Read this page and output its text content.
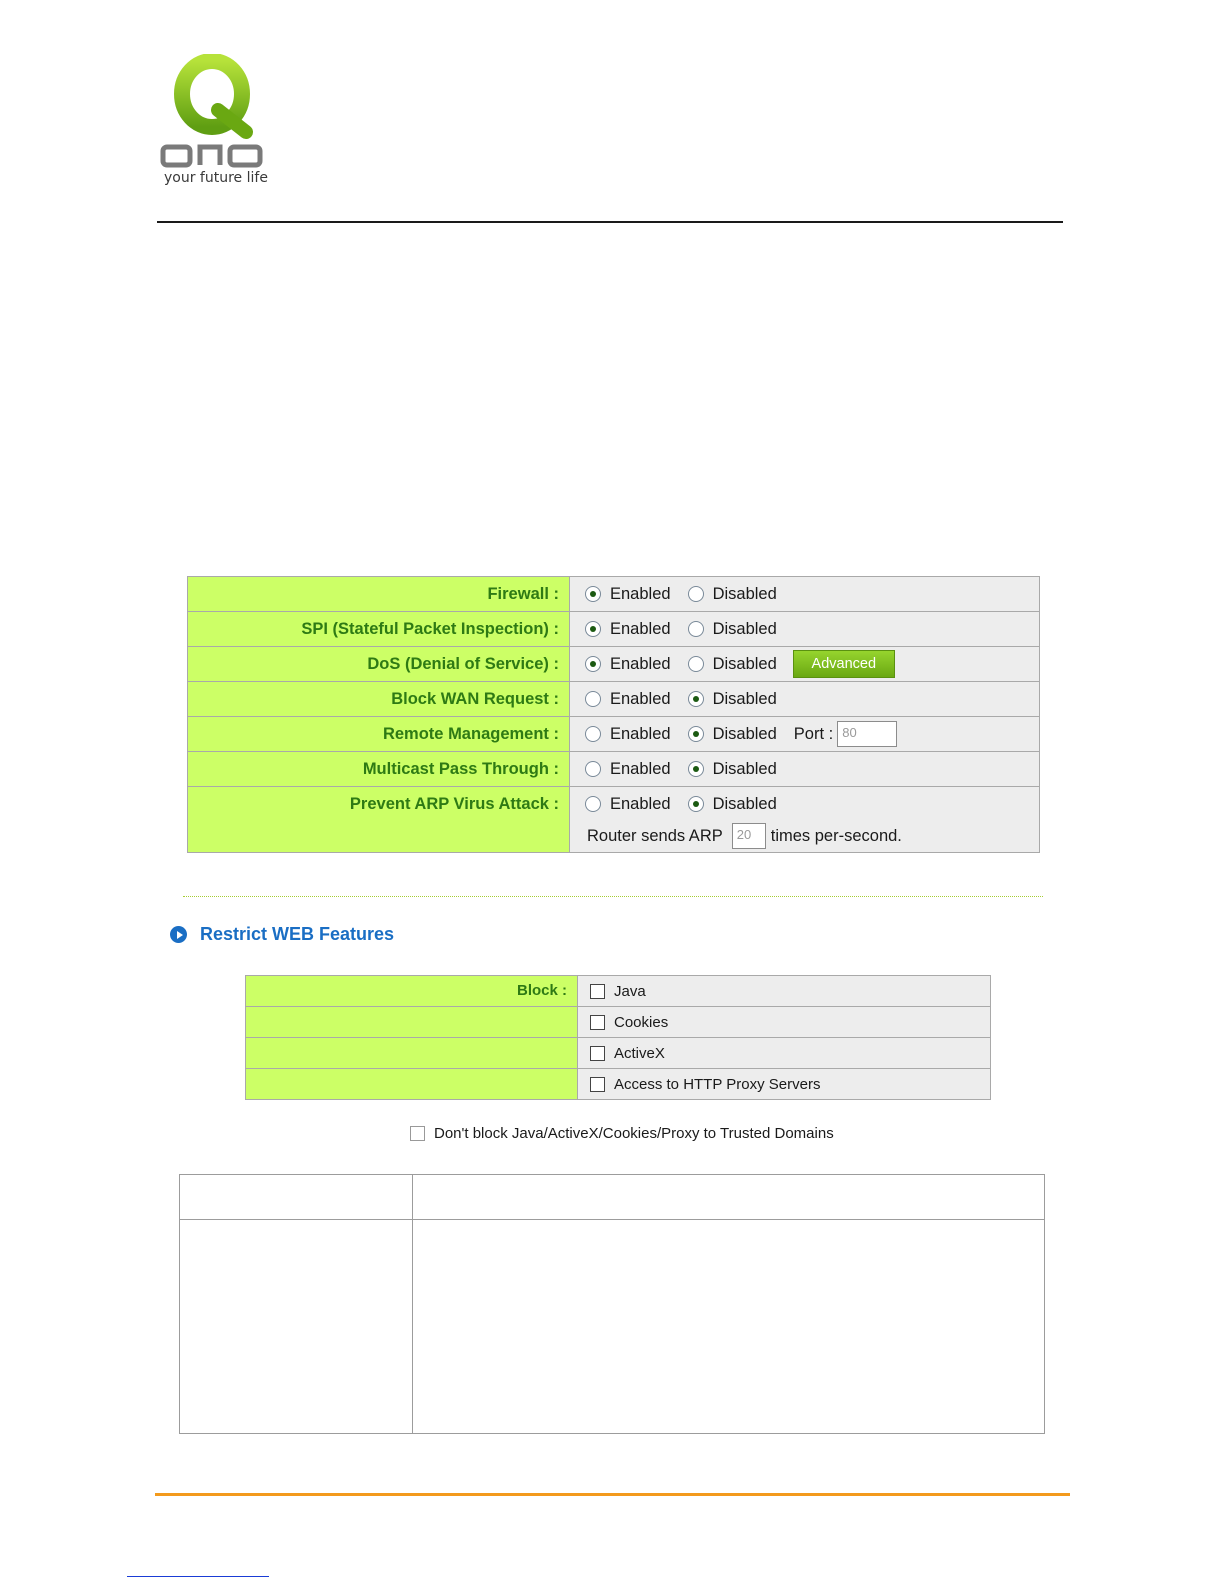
your future life
Firewall :	Enabled Disabled

SPI (Stateful Packet Inspection) :	Enabled Disabled

DoS (Denial of Service) :	Enabled Disabled Advanced

Block WAN Request :	Enabled Disabled

Remote Management :	Enabled Disabled Port : 80

Multicast Pass Through :	Enabled Disabled

Prevent ARP Virus Attack :	Enabled Disabled
Router sends ARP 20 times per-second.
Restrict WEB Features
Block :	Java

	Cookies

	ActiveX

	Access to HTTP Proxy Servers
Don't block Java/ActiveX/Cookies/Proxy to Trusted Domains
